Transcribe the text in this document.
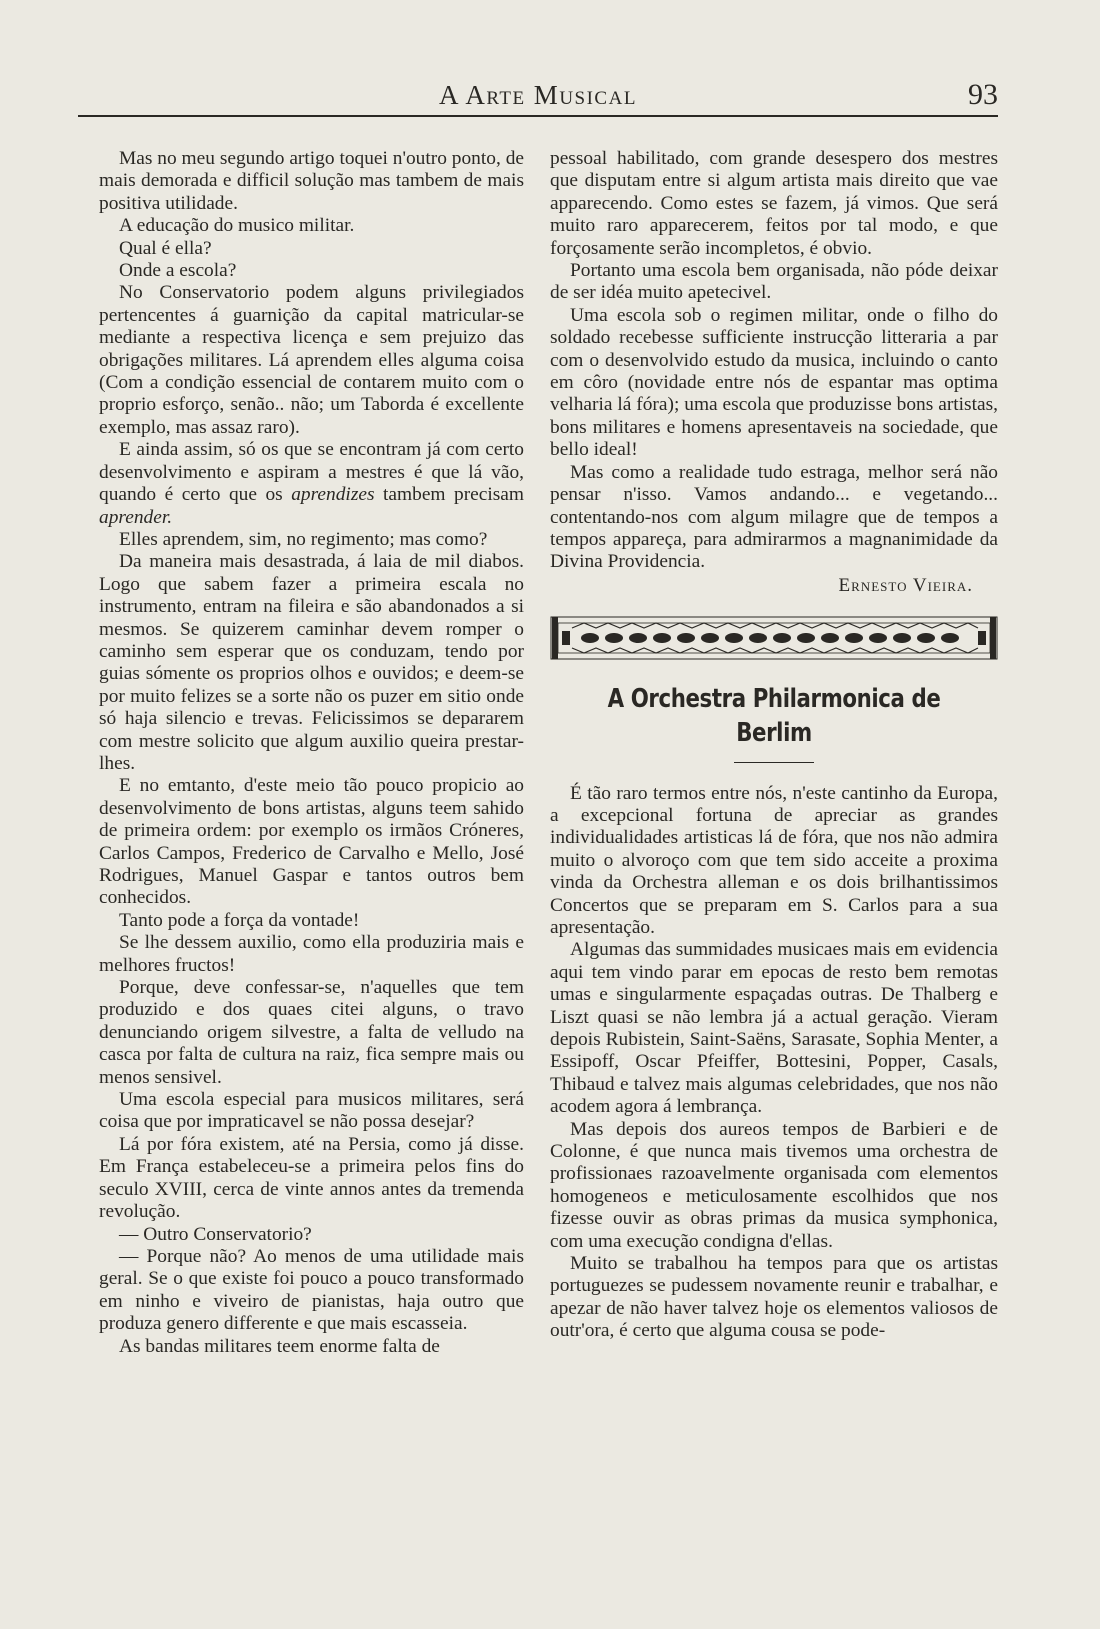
A Arte Musical	93

Mas no meu segundo artigo toquei n'outro ponto, de mais demorada e difficil solução mas tambem de mais positiva utilidade.

A educação do musico militar.

Qual é ella?

Onde a escola?

No Conservatorio podem alguns privilegiados pertencentes á guarnição da capital matricular-se mediante a respectiva licença e sem prejuizo das obrigações militares. Lá aprendem elles alguma coisa (Com a condição essencial de contarem muito com o proprio esforço, senão.. não; um Taborda é excellente exemplo, mas assaz raro).

E ainda assim, só os que se encontram já com certo desenvolvimento e aspiram a mestres é que lá vão, quando é certo que os aprendizes tambem precisam aprender.

Elles aprendem, sim, no regimento; mas como?

Da maneira mais desastrada, á laia de mil diabos. Logo que sabem fazer a primeira escala no instrumento, entram na fileira e são abandonados a si mesmos. Se quizerem caminhar devem romper o caminho sem esperar que os conduzam, tendo por guias sómente os proprios olhos e ouvidos; e deem-se por muito felizes se a sorte não os puzer em sitio onde só haja silencio e trevas. Felicissimos se depararem com mestre solicito que algum auxilio queira prestar-lhes.

E no emtanto, d'este meio tão pouco propicio ao desenvolvimento de bons artistas, alguns teem sahido de primeira ordem: por exemplo os irmãos Cróneres, Carlos Campos, Frederico de Carvalho e Mello, José Rodrigues, Manuel Gaspar e tantos outros bem conhecidos.

Tanto pode a força da vontade!

Se lhe dessem auxilio, como ella produziria mais e melhores fructos!

Porque, deve confessar-se, n'aquelles que tem produzido e dos quaes citei alguns, o travo denunciando origem silvestre, a falta de velludo na casca por falta de cultura na raiz, fica sempre mais ou menos sensivel.

Uma escola especial para musicos militares, será coisa que por impraticavel se não possa desejar?

Lá por fóra existem, até na Persia, como já disse. Em França estabeleceu-se a primeira pelos fins do seculo XVIII, cerca de vinte annos antes da tremenda revolução.

— Outro Conservatorio?

— Porque não? Ao menos de uma utilidade mais geral. Se o que existe foi pouco a pouco transformado em ninho e viveiro de pianistas, haja outro que produza genero differente e que mais escasseia.

As bandas militares teem enorme falta de

pessoal habilitado, com grande desespero dos mestres que disputam entre si algum artista mais direito que vae apparecendo. Como estes se fazem, já vimos. Que será muito raro apparecerem, feitos por tal modo, e que forçosamente serão incompletos, é obvio.

Portanto uma escola bem organisada, não póde deixar de ser idéa muito apetecivel.

Uma escola sob o regimen militar, onde o filho do soldado recebesse sufficiente instrucção litteraria a par com o desenvolvido estudo da musica, incluindo o canto em côro (novidade entre nós de espantar mas optima velharia lá fóra); uma escola que produzisse bons artistas, bons militares e homens apresentaveis na sociedade, que bello ideal!

Mas como a realidade tudo estraga, melhor será não pensar n'isso. Vamos andando... e vegetando... contentando-nos com algum milagre que de tempos a tempos appareça, para admirarmos a magnanimidade da Divina Providencia.

Ernesto Vieira.
A Orchestra Philarmonica de Berlim

É tão raro termos entre nós, n'este cantinho da Europa, a excepcional fortuna de apreciar as grandes individualidades artisticas lá de fóra, que nos não admira muito o alvoroço com que tem sido acceite a proxima vinda da Orchestra alleman e os dois brilhantissimos Concertos que se preparam em S. Carlos para a sua apresentação.

Algumas das summidades musicaes mais em evidencia aqui tem vindo parar em epocas de resto bem remotas umas e singularmente espaçadas outras. De Thalberg e Liszt quasi se não lembra já a actual geração. Vieram depois Rubistein, Saint-Saëns, Sarasate, Sophia Menter, a Essipoff, Oscar Pfeiffer, Bottesini, Popper, Casals, Thibaud e talvez mais algumas celebridades, que nos não acodem agora á lembrança.

Mas depois dos aureos tempos de Barbieri e de Colonne, é que nunca mais tivemos uma orchestra de profissionaes razoavelmente organisada com elementos homogeneos e meticulosamente escolhidos que nos fizesse ouvir as obras primas da musica symphonica, com uma execução condigna d'ellas.

Muito se trabalhou ha tempos para que os artistas portuguezes se pudessem novamente reunir e trabalhar, e apezar de não haver talvez hoje os elementos valiosos de outr'ora, é certo que alguma cousa se pode-
